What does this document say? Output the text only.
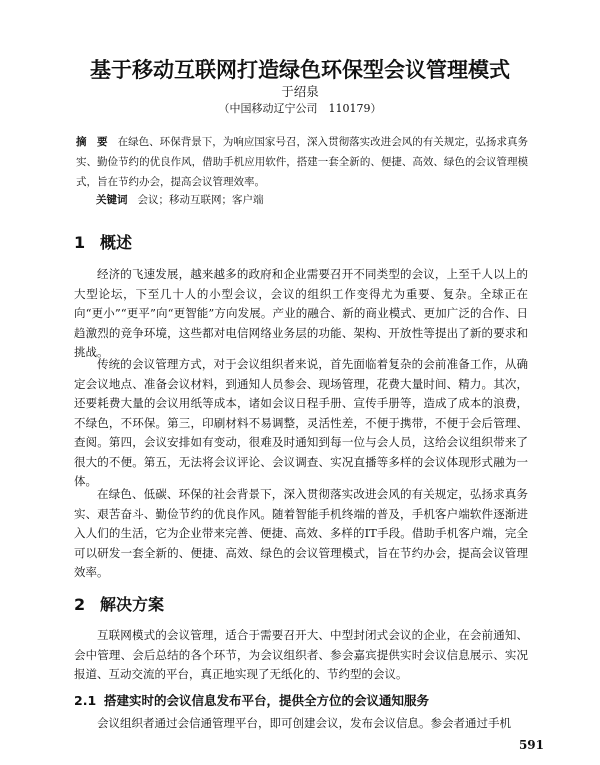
基于移动互联网打造绿色环保型会议管理模式
于绍泉
（中国移动辽宁公司　110179）
摘　要 在绿色、环保背景下，为响应国家号召，深入贯彻落实改进会风的有关规定，弘扬求真务实、勤俭节约的优良作风，借助手机应用软件，搭建一套全新的、便捷、高效、绿色的会议管理模式，旨在节约办会，提高会议管理效率。
关键词 会议；移动互联网；客户端
1 概述

经济的飞速发展，越来越多的政府和企业需要召开不同类型的会议，上至千人以上的大型论坛，下至几十人的小型会议，会议的组织工作变得尤为重要、复杂。全球正在向“更小”“更平”向“更智能”方向发展。产业的融合、新的商业模式、更加广泛的合作、日趋激烈的竞争环境，这些都对电信网络业务层的功能、架构、开放性等提出了新的要求和挑战。

传统的会议管理方式，对于会议组织者来说，首先面临着复杂的会前准备工作，从确定会议地点、准备会议材料，到通知人员参会、现场管理，花费大量时间、精力。其次，还要耗费大量的会议用纸等成本，诸如会议日程手册、宣传手册等，造成了成本的浪费，不绿色，不环保。第三，印刷材料不易调整，灵活性差，不便于携带，不便于会后管理、查阅。第四，会议安排如有变动，很难及时通知到每一位与会人员，这给会议组织带来了很大的不便。第五，无法将会议评论、会议调查、实况直播等多样的会议体现形式融为一体。

在绿色、低碳、环保的社会背景下，深入贯彻落实改进会风的有关规定，弘扬求真务实、艰苦奋斗、勤俭节约的优良作风。随着智能手机终端的普及，手机客户端软件逐渐进入人们的生活，它为企业带来完善、便捷、高效、多样的IT手段。借助手机客户端，完全可以研发一套全新的、便捷、高效、绿色的会议管理模式，旨在节约办会，提高会议管理效率。

2 解决方案

互联网模式的会议管理，适合于需要召开大、中型封闭式会议的企业，在会前通知、会中管理、会后总结的各个环节，为会议组织者、参会嘉宾提供实时会议信息展示、实况报道、互动交流的平台，真正地实现了无纸化的、节约型的会议。

2.1 搭建实时的会议信息发布平台，提供全方位的会议通知服务

会议组织者通过会信通管理平台，即可创建会议，发布会议信息。参会者通过手机

591
